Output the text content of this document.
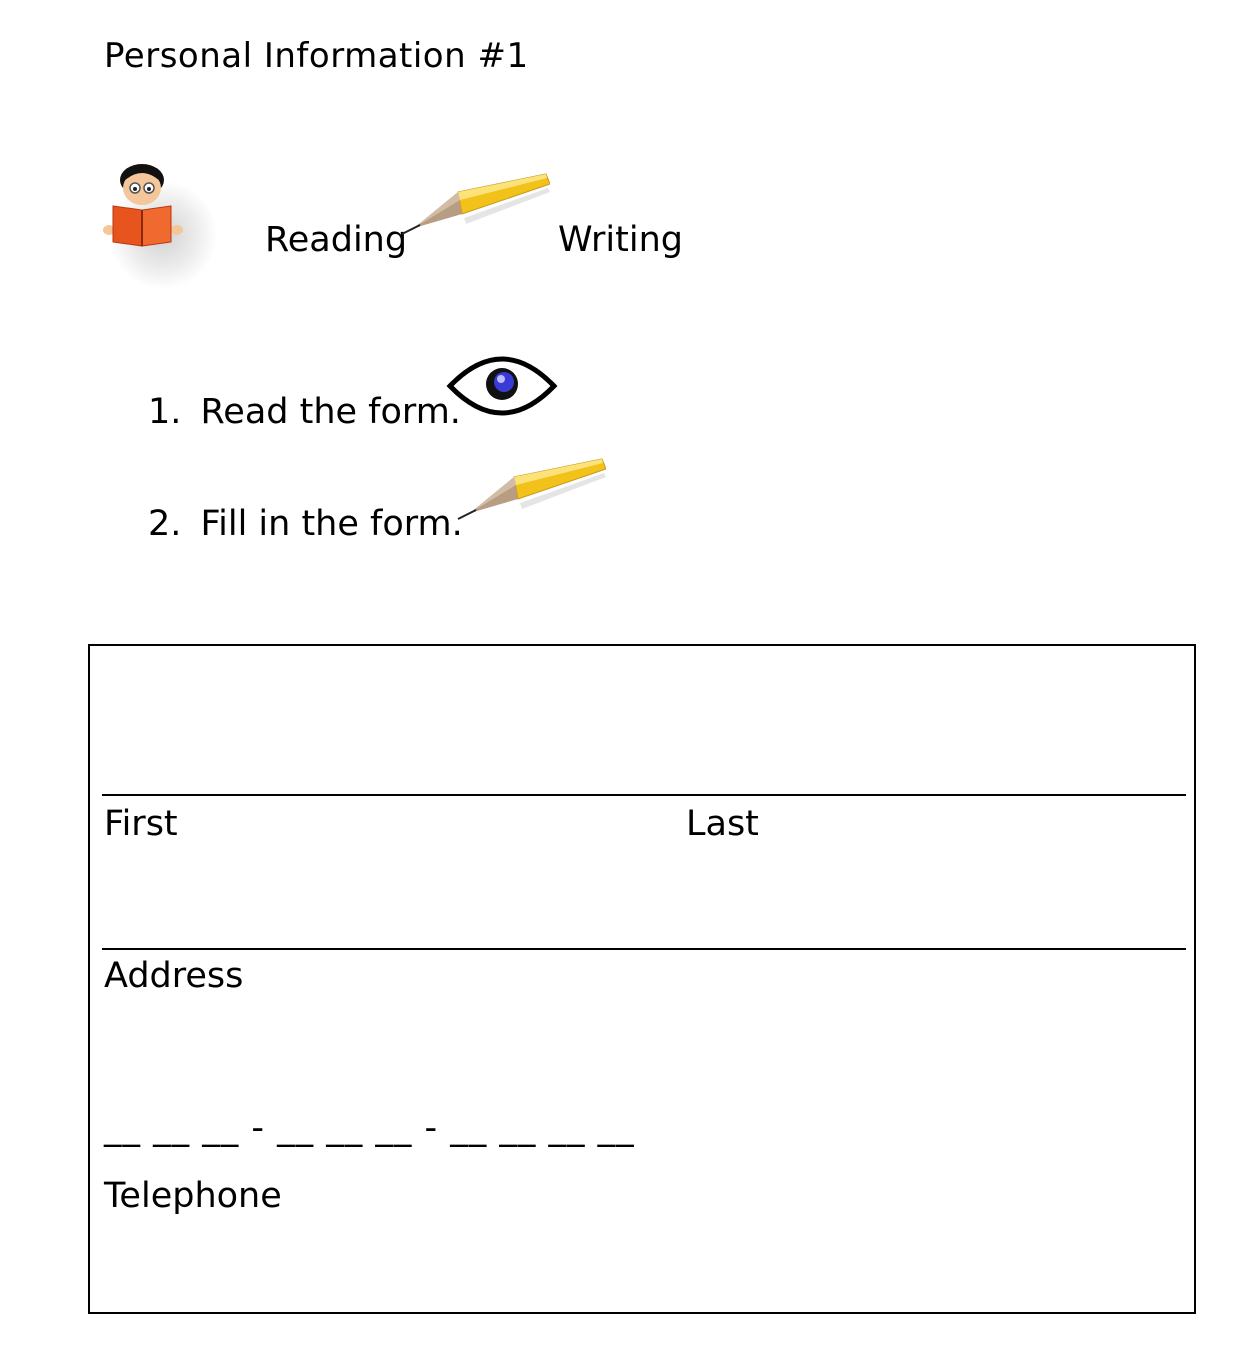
Personal Information #1
Reading	Writing
1. Read the form.
2. Fill in the form.
First	Last
Address
__ __ __ - __ __ __ - __ __ __ __
Telephone
